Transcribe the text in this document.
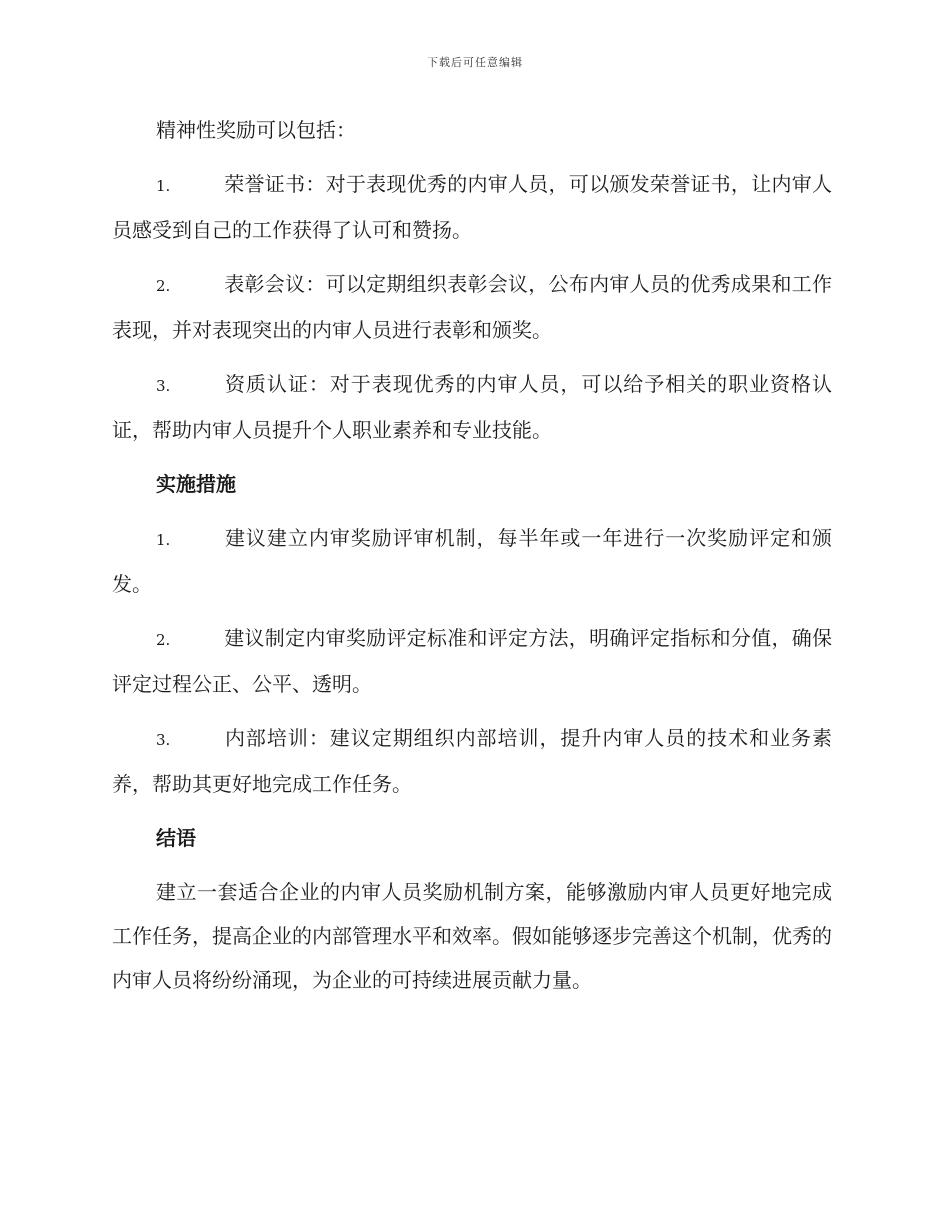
下载后可任意编辑

精神性奖励可以包括：

1.	荣誉证书：对于表现优秀的内审人员，可以颁发荣誉证书，让内审人员感受到自己的工作获得了认可和赞扬。

2.	表彰会议：可以定期组织表彰会议，公布内审人员的优秀成果和工作表现，并对表现突出的内审人员进行表彰和颁奖。

3.	资质认证：对于表现优秀的内审人员，可以给予相关的职业资格认证，帮助内审人员提升个人职业素养和专业技能。

实施措施

1.	建议建立内审奖励评审机制，每半年或一年进行一次奖励评定和颁发。

2.	建议制定内审奖励评定标准和评定方法，明确评定指标和分值，确保评定过程公正、公平、透明。

3.	内部培训：建议定期组织内部培训，提升内审人员的技术和业务素养，帮助其更好地完成工作任务。

结语

建立一套适合企业的内审人员奖励机制方案，能够激励内审人员更好地完成工作任务，提高企业的内部管理水平和效率。假如能够逐步完善这个机制，优秀的内审人员将纷纷涌现，为企业的可持续进展贡献力量。
